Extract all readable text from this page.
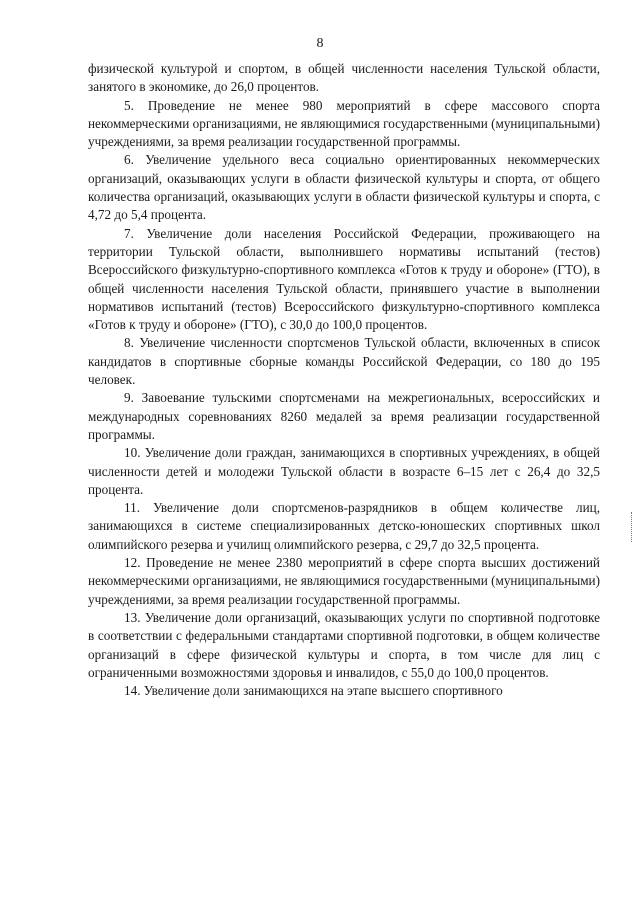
8

физической культурой и спортом, в общей численности населения Тульской области, занятого в экономике, до 26,0 процентов.

5. Проведение не менее 980 мероприятий в сфере массового спорта некоммерческими организациями, не являющимися государственными (муниципальными) учреждениями, за время реализации государственной программы.

6. Увеличение удельного веса социально ориентированных некоммерческих организаций, оказывающих услуги в области физической культуры и спорта, от общего количества организаций, оказывающих услуги в области физической культуры и спорта, с 4,72 до 5,4 процента.

7. Увеличение доли населения Российской Федерации, проживающего на территории Тульской области, выполнившего нормативы испытаний (тестов) Всероссийского физкультурно-спортивного комплекса «Готов к труду и обороне» (ГТО), в общей численности населения Тульской области, принявшего участие в выполнении нормативов испытаний (тестов) Всероссийского физкультурно-спортивного комплекса «Готов к труду и обороне» (ГТО), с 30,0 до 100,0 процентов.

8. Увеличение численности спортсменов Тульской области, включенных в список кандидатов в спортивные сборные команды Российской Федерации, со 180 до 195 человек.

9. Завоевание тульскими спортсменами на межрегиональных, всероссийских и международных соревнованиях 8260 медалей за время реализации государственной программы.

10. Увеличение доли граждан, занимающихся в спортивных учреждениях, в общей численности детей и молодежи Тульской области в возрасте 6–15 лет с 26,4 до 32,5 процента.

11. Увеличение доли спортсменов-разрядников в общем количестве лиц, занимающихся в системе специализированных детско-юношеских спортивных школ олимпийского резерва и училищ олимпийского резерва, с 29,7 до 32,5 процента.

12. Проведение не менее 2380 мероприятий в сфере спорта высших достижений некоммерческими организациями, не являющимися государственными (муниципальными) учреждениями, за время реализации государственной программы.

13. Увеличение доли организаций, оказывающих услуги по спортивной подготовке в соответствии с федеральными стандартами спортивной подготовки, в общем количестве организаций в сфере физической культуры и спорта, в том числе для лиц с ограниченными возможностями здоровья и инвалидов, с 55,0 до 100,0 процентов.

14. Увеличение доли занимающихся на этапе высшего спортивного
